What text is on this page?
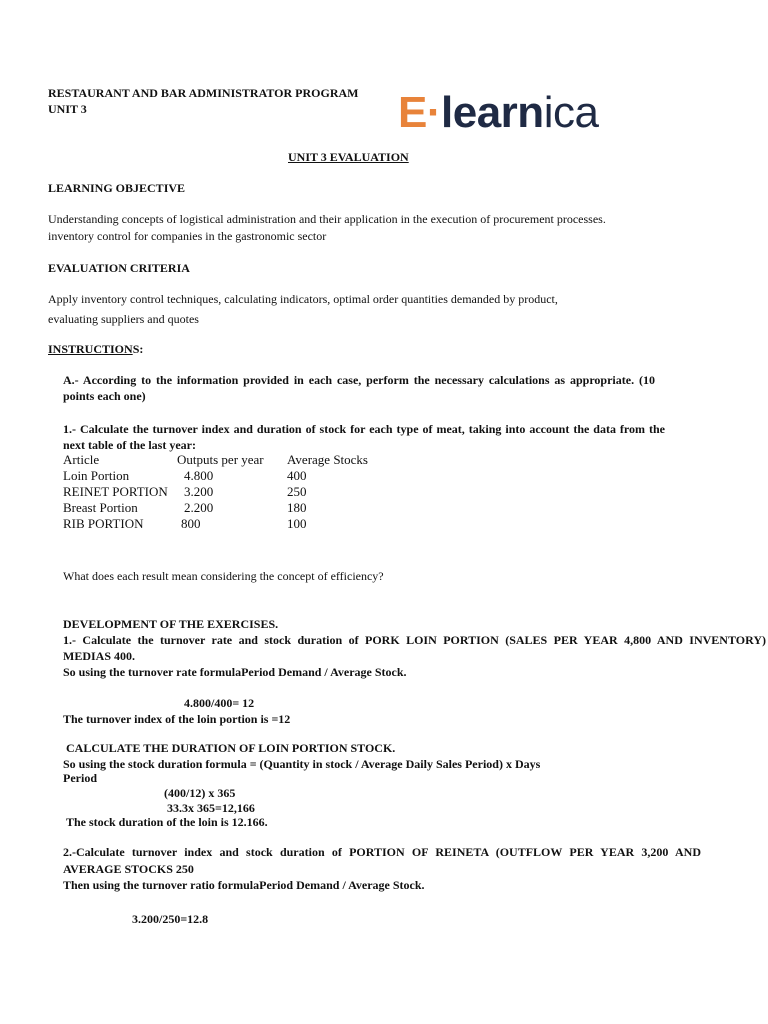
RESTAURANT AND BAR ADMINISTRATOR PROGRAM
UNIT 3	E·learnica
UNIT 3 EVALUATION
LEARNING OBJECTIVE
Understanding concepts of logistical administration and their application in the execution of procurement processes.
inventory control for companies in the gastronomic sector
EVALUATION CRITERIA
Apply inventory control techniques, calculating indicators, optimal order quantities demanded by product,
evaluating suppliers and quotes
INSTRUCTIONS:
A.- According to the information provided in each case, perform the necessary calculations as appropriate. (10
points each one)
1.- Calculate the turnover index and duration of stock for each type of meat, taking into account the data from the
next table of the last year:
Article	Outputs per year	Average Stocks
Loin Portion	4.800	400
REINET PORTION	3.200	250
Breast Portion	2.200	180
RIB PORTION	800	100
What does each result mean considering the concept of efficiency?
DEVELOPMENT OF THE EXERCISES.
1.- Calculate the turnover rate and stock duration of PORK LOIN PORTION (SALES PER YEAR 4,800 AND INVENTORY)
MEDIAS 400.
So using the turnover rate formulaPeriod Demand / Average Stock.
4.800/400= 12
The turnover index of the loin portion is =12
CALCULATE THE DURATION OF LOIN PORTION STOCK.
So using the stock duration formula = (Quantity in stock / Average Daily Sales Period) x Days
Period
(400/12) x 365
33.3x 365=12,166
The stock duration of the loin is 12.166.
2.-Calculate turnover index and stock duration of PORTION OF REINETA (OUTFLOW PER YEAR 3,200 AND
AVERAGE STOCKS 250
Then using the turnover ratio formulaPeriod Demand / Average Stock.
3.200/250=12.8
